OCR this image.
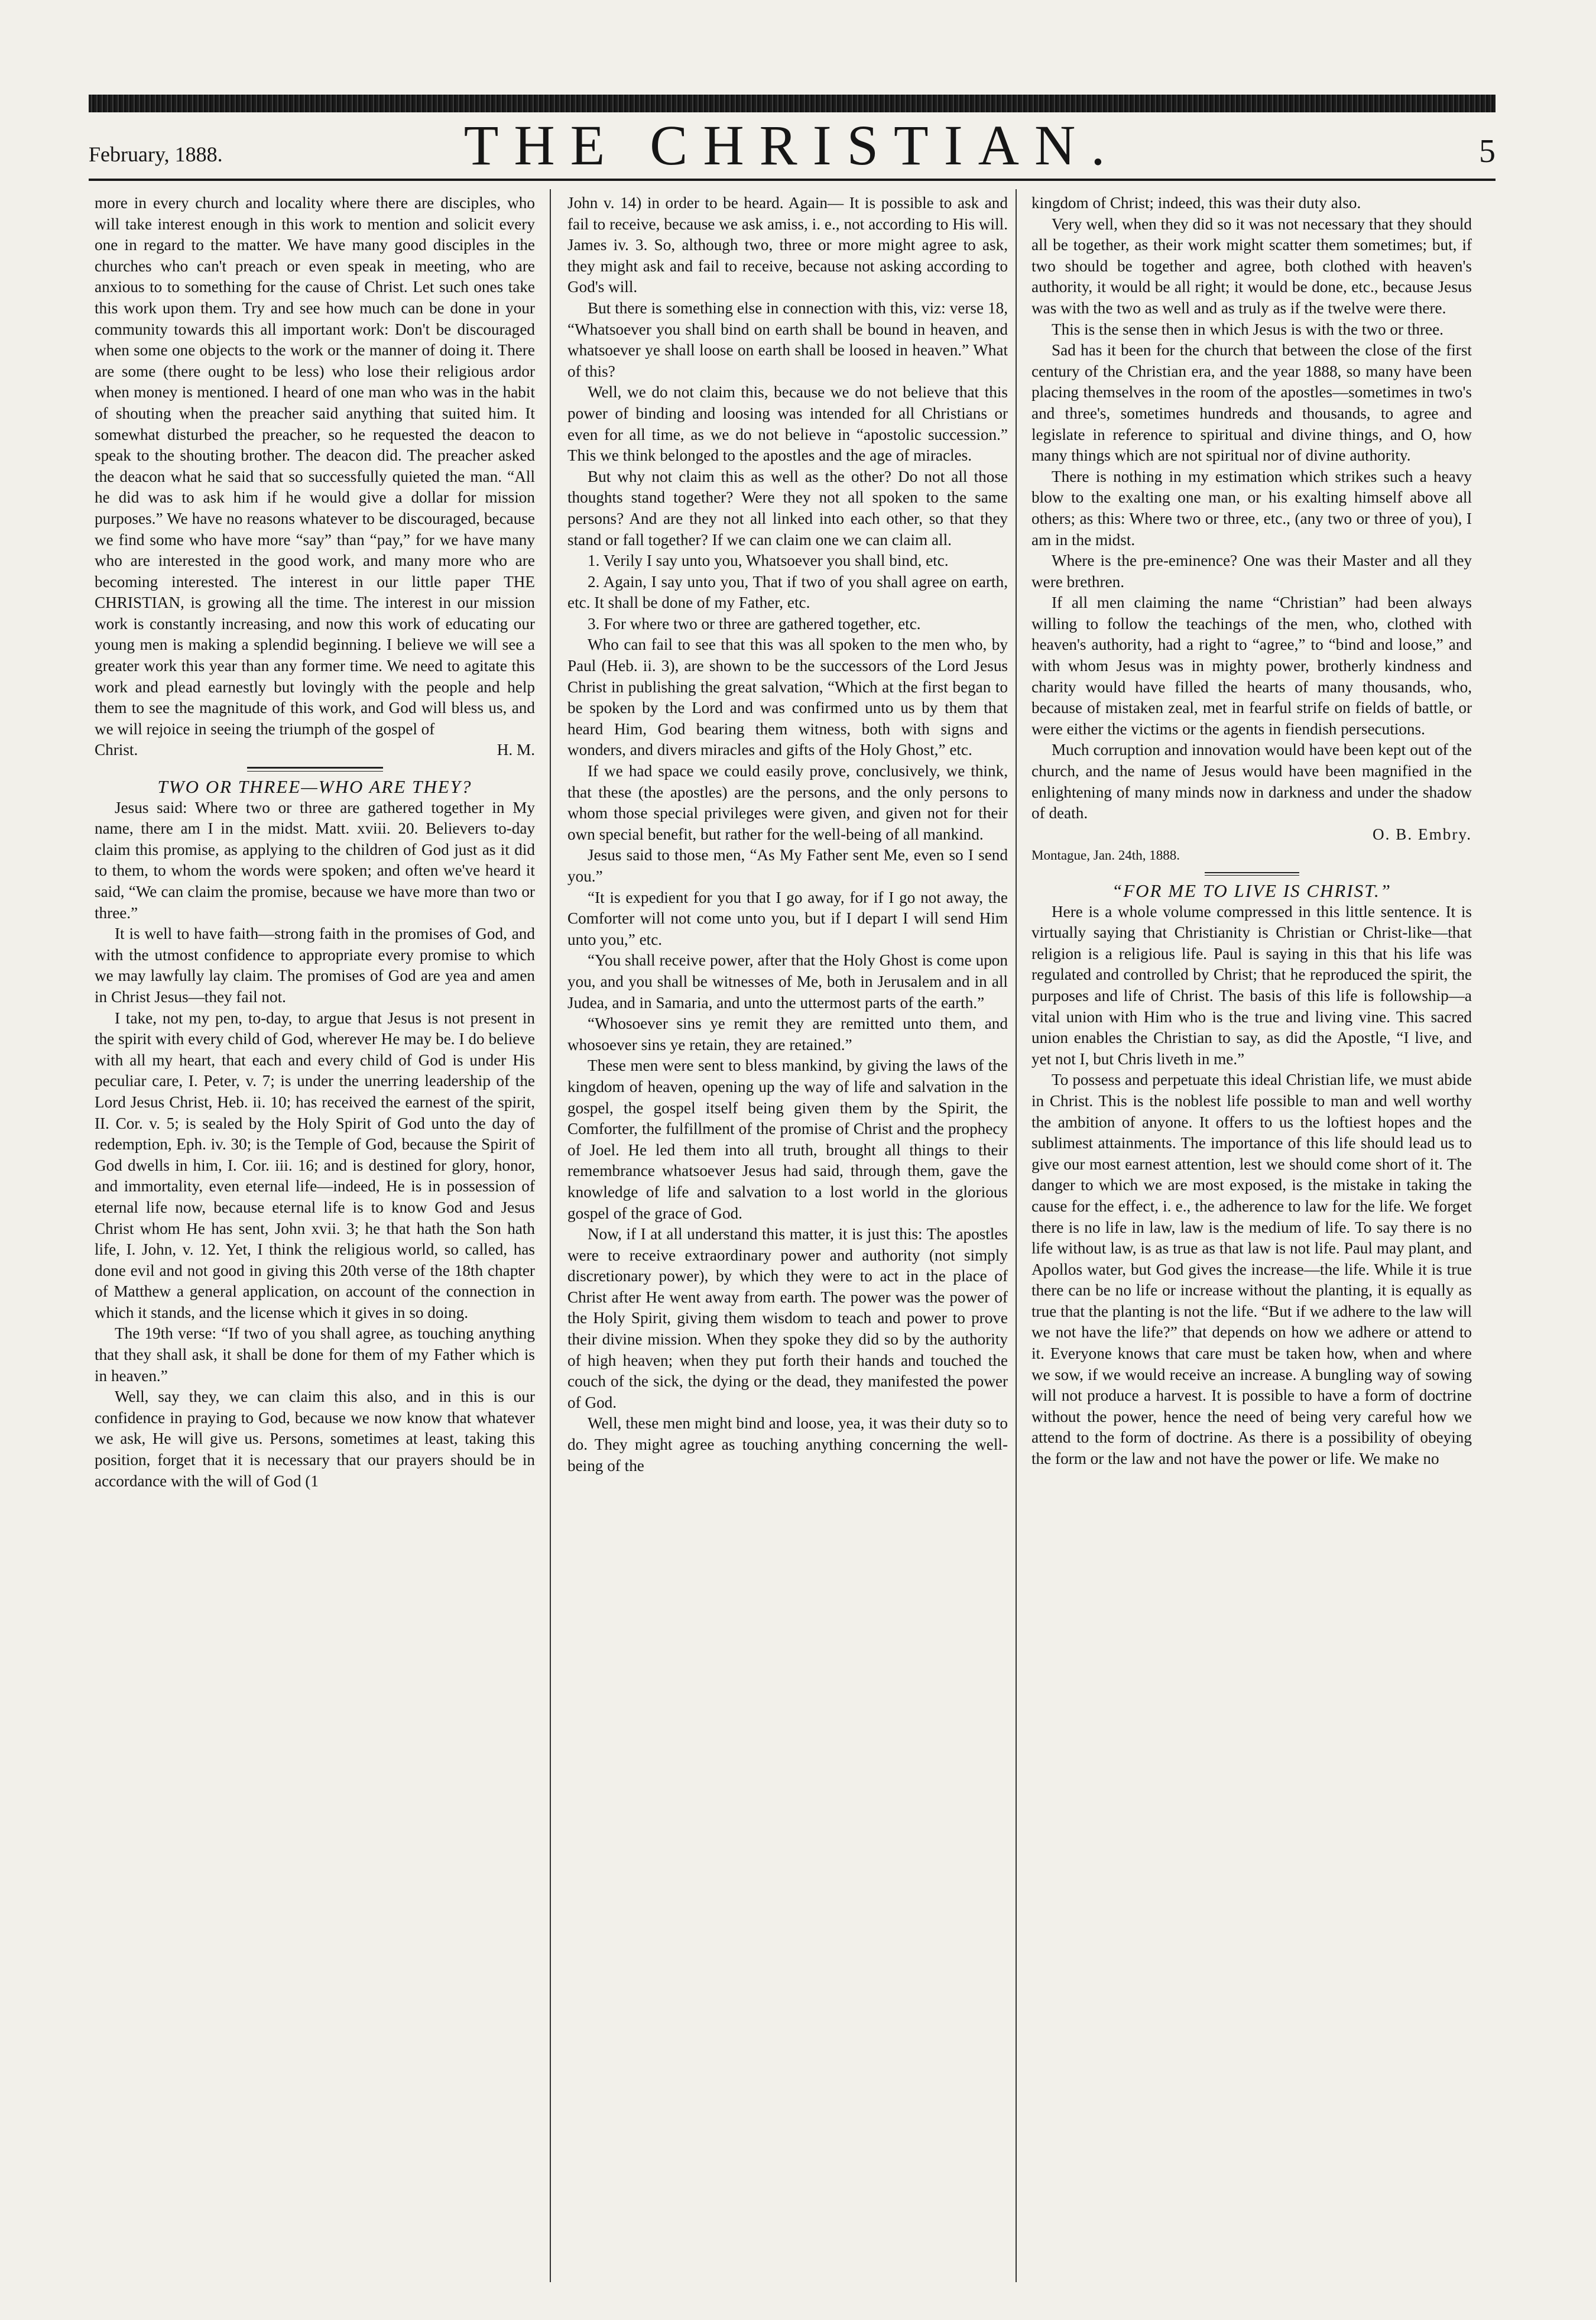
February, 1888.	THE CHRISTIAN.	5

more in every church and locality where there are disciples, who will take interest enough in this work to mention and solicit every one in regard to the matter. We have many good disciples in the churches who can't preach or even speak in meeting, who are anxious to to something for the cause of Christ. Let such ones take this work upon them. Try and see how much can be done in your community towards this all important work: Don't be discouraged when some one objects to the work or the manner of doing it. There are some (there ought to be less) who lose their religious ardor when money is mentioned. I heard of one man who was in the habit of shouting when the preacher said anything that suited him. It somewhat disturbed the preacher, so he requested the deacon to speak to the shouting brother. The deacon did. The preacher asked the deacon what he said that so successfully quieted the man. “All he did was to ask him if he would give a dollar for mission purposes.” We have no reasons whatever to be discouraged, because we find some who have more “say” than “pay,” for we have many who are interested in the good work, and many more who are becoming interested. The interest in our little paper THE CHRISTIAN, is growing all the time. The interest in our mission work is constantly increasing, and now this work of educating our young men is making a splendid beginning. I believe we will see a greater work this year than any former time. We need to agitate this work and plead earnestly but lovingly with the people and help them to see the magnitude of this work, and God will bless us, and we will rejoice in seeing the triumph of the gospel of

Christ.	H. M.

TWO OR THREE—WHO ARE THEY?

Jesus said: Where two or three are gathered together in My name, there am I in the midst. Matt. xviii. 20. Believers to-day claim this promise, as applying to the children of God just as it did to them, to whom the words were spoken; and often we've heard it said, “We can claim the promise, because we have more than two or three.”

It is well to have faith—strong faith in the promises of God, and with the utmost confidence to appropriate every promise to which we may lawfully lay claim. The promises of God are yea and amen in Christ Jesus—they fail not.

I take, not my pen, to-day, to argue that Jesus is not present in the spirit with every child of God, wherever He may be. I do believe with all my heart, that each and every child of God is under His peculiar care, I. Peter, v. 7; is under the unerring leadership of the Lord Jesus Christ, Heb. ii. 10; has received the earnest of the spirit, II. Cor. v. 5; is sealed by the Holy Spirit of God unto the day of redemption, Eph. iv. 30; is the Temple of God, because the Spirit of God dwells in him, I. Cor. iii. 16; and is destined for glory, honor, and immortality, even eternal life—indeed, He is in possession of eternal life now, because eternal life is to know God and Jesus Christ whom He has sent, John xvii. 3; he that hath the Son hath life, I. John, v. 12. Yet, I think the religious world, so called, has done evil and not good in giving this 20th verse of the 18th chapter of Matthew a general application, on account of the connection in which it stands, and the license which it gives in so doing.

The 19th verse: “If two of you shall agree, as touching anything that they shall ask, it shall be done for them of my Father which is in heaven.”

Well, say they, we can claim this also, and in this is our confidence in praying to God, because we now know that whatever we ask, He will give us. Persons, sometimes at least, taking this position, forget that it is necessary that our prayers should be in accordance with the will of God (1

John v. 14) in order to be heard. Again— It is possible to ask and fail to receive, because we ask amiss, i. e., not according to His will. James iv. 3. So, although two, three or more might agree to ask, they might ask and fail to receive, because not asking according to God's will.

But there is something else in connection with this, viz: verse 18, “Whatsoever you shall bind on earth shall be bound in heaven, and whatsoever ye shall loose on earth shall be loosed in heaven.” What of this?

Well, we do not claim this, because we do not believe that this power of binding and loosing was intended for all Christians or even for all time, as we do not believe in “apostolic succession.” This we think belonged to the apostles and the age of miracles.

But why not claim this as well as the other? Do not all those thoughts stand together? Were they not all spoken to the same persons? And are they not all linked into each other, so that they stand or fall together? If we can claim one we can claim all.

1. Verily I say unto you, Whatsoever you shall bind, etc.

2. Again, I say unto you, That if two of you shall agree on earth, etc. It shall be done of my Father, etc.

3. For where two or three are gathered together, etc.

Who can fail to see that this was all spoken to the men who, by Paul (Heb. ii. 3), are shown to be the successors of the Lord Jesus Christ in publishing the great salvation, “Which at the first began to be spoken by the Lord and was confirmed unto us by them that heard Him, God bearing them witness, both with signs and wonders, and divers miracles and gifts of the Holy Ghost,” etc.

If we had space we could easily prove, conclusively, we think, that these (the apostles) are the persons, and the only persons to whom those special privileges were given, and given not for their own special benefit, but rather for the well-being of all mankind.

Jesus said to those men, “As My Father sent Me, even so I send you.”

“It is expedient for you that I go away, for if I go not away, the Comforter will not come unto you, but if I depart I will send Him unto you,” etc.

“You shall receive power, after that the Holy Ghost is come upon you, and you shall be witnesses of Me, both in Jerusalem and in all Judea, and in Samaria, and unto the uttermost parts of the earth.”

“Whosoever sins ye remit they are remitted unto them, and whosoever sins ye retain, they are retained.”

These men were sent to bless mankind, by giving the laws of the kingdom of heaven, opening up the way of life and salvation in the gospel, the gospel itself being given them by the Spirit, the Comforter, the fulfillment of the promise of Christ and the prophecy of Joel. He led them into all truth, brought all things to their remembrance whatsoever Jesus had said, through them, gave the knowledge of life and salvation to a lost world in the glorious gospel of the grace of God.

Now, if I at all understand this matter, it is just this: The apostles were to receive extraordinary power and authority (not simply discretionary power), by which they were to act in the place of Christ after He went away from earth. The power was the power of the Holy Spirit, giving them wisdom to teach and power to prove their divine mission. When they spoke they did so by the authority of high heaven; when they put forth their hands and touched the couch of the sick, the dying or the dead, they manifested the power of God.

Well, these men might bind and loose, yea, it was their duty so to do. They might agree as touching anything concerning the well-being of the

kingdom of Christ; indeed, this was their duty also.

Very well, when they did so it was not necessary that they should all be together, as their work might scatter them sometimes; but, if two should be together and agree, both clothed with heaven's authority, it would be all right; it would be done, etc., because Jesus was with the two as well and as truly as if the twelve were there.

This is the sense then in which Jesus is with the two or three.

Sad has it been for the church that between the close of the first century of the Christian era, and the year 1888, so many have been placing themselves in the room of the apostles—sometimes in two's and three's, sometimes hundreds and thousands, to agree and legislate in reference to spiritual and divine things, and O, how many things which are not spiritual nor of divine authority.

There is nothing in my estimation which strikes such a heavy blow to the exalting one man, or his exalting himself above all others; as this: Where two or three, etc., (any two or three of you), I am in the midst.

Where is the pre-eminence? One was their Master and all they were brethren.

If all men claiming the name “Christian” had been always willing to follow the teachings of the men, who, clothed with heaven's authority, had a right to “agree,” to “bind and loose,” and with whom Jesus was in mighty power, brotherly kindness and charity would have filled the hearts of many thousands, who, because of mistaken zeal, met in fearful strife on fields of battle, or were either the victims or the agents in fiendish persecutions.

Much corruption and innovation would have been kept out of the church, and the name of Jesus would have been magnified in the enlightening of many minds now in darkness and under the shadow of death.

O. B. Embry.

Montague, Jan. 24th, 1888.

“FOR ME TO LIVE IS CHRIST.”

Here is a whole volume compressed in this little sentence. It is virtually saying that Christianity is Christian or Christ-like—that religion is a religious life. Paul is saying in this that his life was regulated and controlled by Christ; that he reproduced the spirit, the purposes and life of Christ. The basis of this life is followship—a vital union with Him who is the true and living vine. This sacred union enables the Christian to say, as did the Apostle, “I live, and yet not I, but Chris liveth in me.”

To possess and perpetuate this ideal Christian life, we must abide in Christ. This is the noblest life possible to man and well worthy the ambition of anyone. It offers to us the loftiest hopes and the sublimest attainments. The importance of this life should lead us to give our most earnest attention, lest we should come short of it. The danger to which we are most exposed, is the mistake in taking the cause for the effect, i. e., the adherence to law for the life. We forget there is no life in law, law is the medium of life. To say there is no life without law, is as true as that law is not life. Paul may plant, and Apollos water, but God gives the increase—the life. While it is true there can be no life or increase without the planting, it is equally as true that the planting is not the life. “But if we adhere to the law will we not have the life?” that depends on how we adhere or attend to it. Everyone knows that care must be taken how, when and where we sow, if we would receive an increase. A bungling way of sowing will not produce a harvest. It is possible to have a form of doctrine without the power, hence the need of being very careful how we attend to the form of doctrine. As there is a possibility of obeying the form or the law and not have the power or life. We make no
